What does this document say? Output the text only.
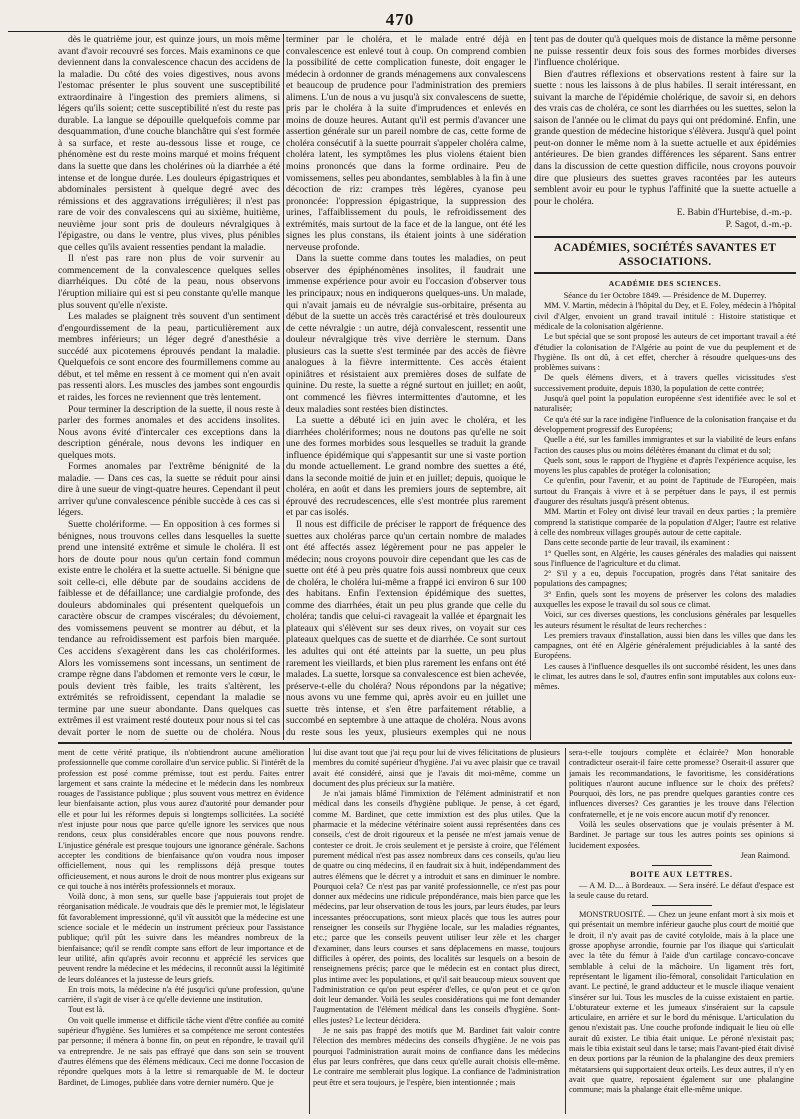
470

dès le quatrième jour, est quinze jours, un mois même avant d'avoir recouvré ses forces. Mais examinons ce que deviennent dans la convalescence chacun des accidens de la maladie. Du côté des voies digestives, nous avons l'estomac présenter le plus souvent une susceptibilité extraordinaire à l'ingestion des premiers alimens, si légers qu'ils soient; cette susceptibilité n'est du reste pas durable. La langue se dépouille quelquefois comme par desquammation, d'une couche blanchâtre qui s'est formée à sa surface, et reste au-dessous lisse et rouge, ce phénomène est du reste moins marqué et moins fréquent dans la suette que dans les cholérines où la diarrhée a été intense et de longue durée. Les douleurs épigastriques et abdominales persistent à quelque degré avec des rémissions et des aggravations irrégulières; il n'est pas rare de voir des convalescens qui au sixième, huitième, neuvième jour sont pris de douleurs névralgiques à l'épigastre, ou dans le ventre, plus vives, plus pénibles que celles qu'ils avaient ressenties pendant la maladie.

Il n'est pas rare non plus de voir survenir au commencement de la convalescence quelques selles diarrhéiques. Du côté de la peau, nous observons l'éruption miliaire qui est si peu constante qu'elle manque plus souvent qu'elle n'existe.

Les malades se plaignent très souvent d'un sentiment d'engourdissement de la peau, particulièrement aux membres inférieurs; un léger degré d'anesthésie a succédé aux picotemens éprouvés pendant la maladie. Quelquefois ce sont encore des fourmillemens comme au début, et tel même en ressent à ce moment qui n'en avait pas ressenti alors. Les muscles des jambes sont engourdis et raides, les forces ne reviennent que très lentement.

Pour terminer la description de la suette, il nous reste à parler des formes anomales et des accidens insolites. Nous avons évité d'intercaler ces exceptions dans la description générale, nous devons les indiquer en quelques mots.

Formes anomales par l'extrême bénignité de la maladie. — Dans ces cas, la suette se réduit pour ainsi dire à une sueur de vingt-quatre heures. Cependant il peut arriver qu'une convalescence pénible succède à ces cas si légers.

Suette cholériforme. — En opposition à ces formes si bénignes, nous trouvons celles dans lesquelles la suette prend une intensité extrême et simule le choléra. Il est hors de doute pour nous qu'un certain fond commun existe entre le choléra et la suette actuelle. Si bénigne que soit celle-ci, elle débute par de soudains accidens de faiblesse et de défaillance; une cardialgie profonde, des douleurs abdominales qui présentent quelquefois un caractère obscur de crampes viscérales; du dévoiement, des vomissemens peuvent se montrer au début, et la tendance au refroidissement est parfois bien marquée. Ces accidens s'exagèrent dans les cas cholériformes. Alors les vomissemens sont incessans, un sentiment de crampe règne dans l'abdomen et remonte vers le cœur, le pouls devient très faible, les traits s'altèrent, les extrémités se refroidissent, cependant la maladie se termine par une sueur abondante. Dans quelques cas extrêmes il est vraiment resté douteux pour nous si tel cas devait porter le nom de suette ou de choléra. Nous

terminer par le choléra, et le malade entré déjà en convalescence est enlevé tout à coup. On comprend combien la possibilité de cette complication funeste, doit engager le médecin à ordonner de grands ménagemens aux convalescens et beaucoup de prudence pour l'administration des premiers alimens. L'un de nous a vu jusqu'à six convalescens de suette, pris par le choléra à la suite d'imprudences et enlevés en moins de douze heures. Autant qu'il est permis d'avancer une assertion générale sur un pareil nombre de cas, cette forme de choléra consécutif à la suette pourrait s'appeler choléra calme, choléra latent, les symptômes les plus violens étaient bien moins prononcés que dans la forme ordinaire. Peu de vomissemens, selles peu abondantes, semblables à la fin à une décoction de riz: crampes très légères, cyanose peu prononcée: l'oppression épigastrique, la suppression des urines, l'affaiblissement du pouls, le refroidissement des extrémités, mais surtout de la face et de la langue, ont été les signes les plus constans, ils étaient joints à une sidération nerveuse profonde.

Dans la suette comme dans toutes les maladies, on peut observer des épiphénomènes insolites, il faudrait une immense expérience pour avoir eu l'occasion d'observer tous les principaux; nous en indiquerons quelques-uns. Un malade, qui n'avait jamais eu de névralgie sus-orbitaire, présenta au début de la suette un accès très caractérisé et très douloureux de cette névralgie : un autre, déjà convalescent, ressentit une douleur névralgique très vive derrière le sternum. Dans plusieurs cas la suette s'est terminée par des accès de fièvre analogues à la fièvre intermittente. Ces accès étaient opiniâtres et résistaient aux premières doses de sulfate de quinine. Du reste, la suette a régné surtout en juillet; en août, ont commencé les fièvres intermittentes d'automne, et les deux maladies sont restées bien distinctes.

La suette a débuté ici en juin avec le choléra, et les diarrhées cholériformes; nous ne doutons pas qu'elle ne soit une des formes morbides sous lesquelles se traduit la grande influence épidémique qui s'appesantit sur une si vaste portion du monde actuellement. Le grand nombre des suettes a été, dans la seconde moitié de juin et en juillet; depuis, quoique le choléra, en août et dans les premiers jours de septembre, ait éprouvé des recrudescences, elle s'est montrée plus rarement et par cas isolés.

Il nous est difficile de préciser le rapport de fréquence des suettes aux choléras parce qu'un certain nombre de malades ont été affectés assez légèrement pour ne pas appeler le médecin; nous croyons pouvoir dire cependant que les cas de suette ont été à peu près quatre fois aussi nombreux que ceux de choléra, le choléra lui-même a frappé ici environ 6 sur 100 des habitans. Enfin l'extension épidémique des suettes, comme des diarrhées, était un peu plus grande que celle du choléra; tandis que celui-ci ravageait la vallée et épargnait les plateaux qui s'élèvent sur ses deux rives, on voyait sur ces plateaux quelques cas de suette et de diarrhée. Ce sont surtout les adultes qui ont été atteints par la suette, un peu plus rarement les vieillards, et bien plus rarement les enfans ont été malades. La suette, lorsque sa convalescence est bien achevée, préserve-t-elle du choléra? Nous répondons par la négative; nous avons vu une femme qui, après avoir eu en juillet une suette très intense, et s'en être parfaitement rétablie, a succombé en septembre à une attaque de choléra. Nous avons du reste sous les yeux, plusieurs exemples qui ne nous

tent pas de douter qu'à quelques mois de distance la même personne ne puisse ressentir deux fois sous des formes morbides diverses l'influence cholérique.

Bien d'autres réflexions et observations restent à faire sur la suette : nous les laissons à de plus habiles. Il serait intéressant, en suivant la marche de l'épidémie cholérique, de savoir si, en dehors des vrais cas de choléra, ce sont les diarrhées ou les suettes, selon la saison de l'année ou le climat du pays qui ont prédominé. Enfin, une grande question de médecine historique s'élèvera. Jusqu'à quel point peut-on donner le même nom à la suette actuelle et aux épidémies antérieures. De bien grandes différences les séparent. Sans entrer dans la discussion de cette question difficile, nous croyons pouvoir dire que plusieurs des suettes graves racontées par les auteurs semblent avoir eu pour le typhus l'affinité que la suette actuelle a pour le choléra.

E. Babin d'Hurtebise, d.-m.-p.

P. Sagot, d.-m.-p.

ACADÉMIES, SOCIÉTÉS SAVANTES ET ASSOCIATIONS.

ACADÉMIE DES SCIENCES.

Séance du 1er Octobre 1849. — Présidence de M. Duperrey.

MM. V. Martin, médecin à l'hôpital du Dey, et E. Foley, médecin à l'hôpital civil d'Alger, envoient un grand travail intitulé : Histoire statistique et médicale de la colonisation algérienne.

Le but spécial que se sont proposé les auteurs de cet important travail a été d'étudier la colonisation de l'Algérie au point de vue du peuplement et de l'hygiène. Ils ont dû, à cet effet, chercher à résoudre quelques-uns des problèmes suivans :

De quels élémens divers, et à travers quelles vicissitudes s'est successivement produite, depuis 1830, la population de cette contrée;

Jusqu'à quel point la population européenne s'est identifiée avec le sol et naturalisée;

Ce qu'a été sur la race indigène l'influence de la colonisation française et du développement progressif des Européens;

Quelle a été, sur les familles immigrantes et sur la viabilité de leurs enfans l'action des causes plus ou moins délétères émanant du climat et du sol;

Quels sont, sous le rapport de l'hygiène et d'après l'expérience acquise, les moyens les plus capables de protéger la colonisation;

Ce qu'enfin, pour l'avenir, et au point de l'aptitude de l'Européen, mais surtout du Français à vivre et à se perpétuer dans le pays, il est permis d'augurer des résultats jusqu'à présent obtenus.

MM. Martin et Foley ont divisé leur travail en deux parties ; la première comprend la statistique comparée de la population d'Alger; l'autre est relative à celle des nombreux villages groupés autour de cette capitale.

Dans cette seconde partie de leur travail, ils examinent :

1° Quelles sont, en Algérie, les causes générales des maladies qui naissent sous l'influence de l'agriculture et du climat.

2° S'il y a eu, depuis l'occupation, progrès dans l'état sanitaire des populations des campagnes;

3° Enfin, quels sont les moyens de préserver les colons des maladies auxquelles les expose le travail du sol sous ce climat.

Voici, sur ces diverses questions, les conclusions générales par lesquelles les auteurs résument le résultat de leurs recherches :

Les premiers travaux d'installation, aussi bien dans les villes que dans les campagnes, ont été en Algérie généralement préjudiciables à la santé des Européens.

Les causes à l'influence desquelles ils ont succombé résident, les unes dans le climat, les autres dans le sol, d'autres enfin sont imputables aux colons eux-mêmes.

ment de cette vérité pratique, ils n'obtiendront aucune amélioration professionnelle que comme corollaire d'un service public. Si l'intérêt de la profession est posé comme prémisse, tout est perdu. Faites entrer largement et sans crainte la médecine et le médecin dans les nombreux rouages de l'assistance publique ; plus souvent vous mettrez en évidence leur bienfaisante action, plus vous aurez d'autorité pour demander pour elle et pour lui les réformes depuis si longtemps sollicitées. La société n'est injuste pour nous que parce qu'elle ignore les services que nous rendons, ceux plus considérables encore que nous pouvons rendre. L'injustice générale est presque toujours une ignorance générale. Sachons accepter les conditions de bienfaisance qu'on voudra nous imposer officiellement, nous qui les remplissons déjà presque toutes officieusement, et nous aurons le droit de nous montrer plus exigeans sur ce qui touche à nos intérêts professionnels et moraux.

Voilà donc, à mon sens, sur quelle base j'appuierais tout projet de réorganisation médicale. Je voudrais que dès le premier mot, le législateur fût favorablement impressionné, qu'il vît aussitôt que la médecine est une science sociale et le médecin un instrument précieux pour l'assistance publique; qu'il pût les suivre dans les méandres nombreux de la bienfaisance; qu'il se rendît compte sans effort de leur importance et de leur utilité, afin qu'après avoir reconnu et apprécié les services que peuvent rendre la médecine et les médecins, il reconnût aussi la légitimité de leurs doléances et la justesse de leurs griefs.

En trois mots, la médecine n'a été jusqu'ici qu'une profession, qu'une carrière, il s'agit de viser à ce qu'elle devienne une institution.

Tout est là.

On voit quelle immense et difficile tâche vient d'être confiée au comité supérieur d'hygiène. Ses lumières et sa compétence me seront contestées par personne; il ménera à bonne fin, on peut en répondre, le travail qu'il va entreprendre. Je ne sais pas effrayé que dans son sein se trouvent d'autres élémens que des élémens médicaux. Ceci me donne l'occasion de répondre quelques mots à la lettre si remarquable de M. le docteur Bardinet, de Limoges, publiée dans votre dernier numéro. Que je

lui dise avant tout que j'ai reçu pour lui de vives félicitations de plusieurs membres du comité supérieur d'hygiène. J'ai vu avec plaisir que ce travail avait été considéré, ainsi que je l'avais dit moi-même, comme un document des plus précieux sur la matière.

Je n'ai jamais blâmé l'immixtion de l'élément administratif et non médical dans les conseils d'hygiène publique. Je pense, à cet égard, comme M. Bardinet, que cette immixtion est des plus utiles. Que la pharmacie et la médecine vétérinaire soient aussi représentées dans ces conseils, c'est de droit rigoureux et la pensée ne m'est jamais venue de contester ce droit. Je crois seulement et je persiste à croire, que l'élément purement médical n'est pas assez nombreux dans ces conseils, qu'au lieu de quatre ou cinq médecins, il en faudrait six à huit, indépendamment des autres élémens que le décret y a introduit et sans en diminuer le nombre. Pourquoi cela? Ce n'est pas par vanité professionnelle, ce n'est pas pour donner aux médecins une ridicule prépondérance, mais bien parce que les médecins, par leur observation de tous les jours, par leurs études, par leurs incessantes préoccupations, sont mieux placés que tous les autres pour renseigner les conseils sur l'hygiène locale, sur les maladies régnantes, etc.; parce que les conseils peuvent utiliser leur zèle et les charger d'examiner, dans leurs courses et sans déplacemens en masse, toujours difficiles à opérer, des points, des localités sur lesquels on a besoin de renseignemens précis; parce que le médecin est en contact plus direct, plus intime avec les populations, et qu'il sait beaucoup mieux souvent que l'administration ce qu'on peut espérer d'elles, ce qu'on peut et ce qu'on doit leur demander. Voilà les seules considérations qui me font demander l'augmentation de l'élément médical dans les conseils d'hygiène. Sont-elles justes? Le lecteur décidera.

Je ne sais pas frappé des motifs que M. Bardinet fait valoir contre l'élection des membres médecins des conseils d'hygiène. Je ne vois pas pourquoi l'administration aurait moins de confiance dans les médecins élus par leurs confrères, que dans ceux qu'elle aurait choisis elle-même. Le contraire me semblerait plus logique. La confiance de l'administration peut être et sera toujours, je l'espère, bien intentionnée ; mais

sera-t-elle toujours complète et éclairée? Mon honorable contradicteur oserait-il faire cette promesse? Oserait-il assurer que jamais les recommandations, le favoritisme, les considérations politiques n'auront aucune influence sur le choix des préfets? Pourquoi, dès lors, ne pas prendre quelques garanties contre ces influences diverses? Ces garanties je les trouve dans l'élection confraternelle, et je ne vois encore aucun motif d'y renoncer.

Voilà les seules observations que je voulais présenter à M. Bardinet. Je partage sur tous les autres points ses opinions si lucidement exposées.

Jean Raimond.

BOITE AUX LETTRES.

— A M. D.... à Bordeaux. — Sera inséré. Le défaut d'espace est la seule cause du retard.

MONSTRUOSITÉ. — Chez un jeune enfant mort à six mois et qui présentait un membre inférieur gauche plus court de moitié que le droit, il n'y avait pas de cavité cotyloïde, mais à la place une grosse apophyse arrondie, fournie par l'os iliaque qui s'articulait avec la tête du fémur à l'aide d'un cartilage concavo-concave semblable à celui de la mâchoire. Un ligament très fort, représentant le ligament ilio-fémoral, consolidait l'articulation en avant. Le pectiné, le grand adducteur et le muscle iliaque venaient s'insérer sur lui. Tous les muscles de la cuisse existaient en partie. L'obturateur externe et les jumeaux s'inséraient sur la capsule articulaire, en arrière et sur le bord du ménisque. L'articulation du genou n'existait pas. Une couche profonde indiquait le lieu où elle aurait dû exister. Le tibia était unique. Le péroné n'existait pas; mais le tibia existait seul dans le tarse; mais l'avant-pied était divisé en deux portions par la réunion de la phalangine des deux premiers métatarsiens qui supportaient deux orteils. Les deux autres, il n'y en avait que quatre, reposaient également sur une phalangine commune; mais la phalange était elle-même unique.
